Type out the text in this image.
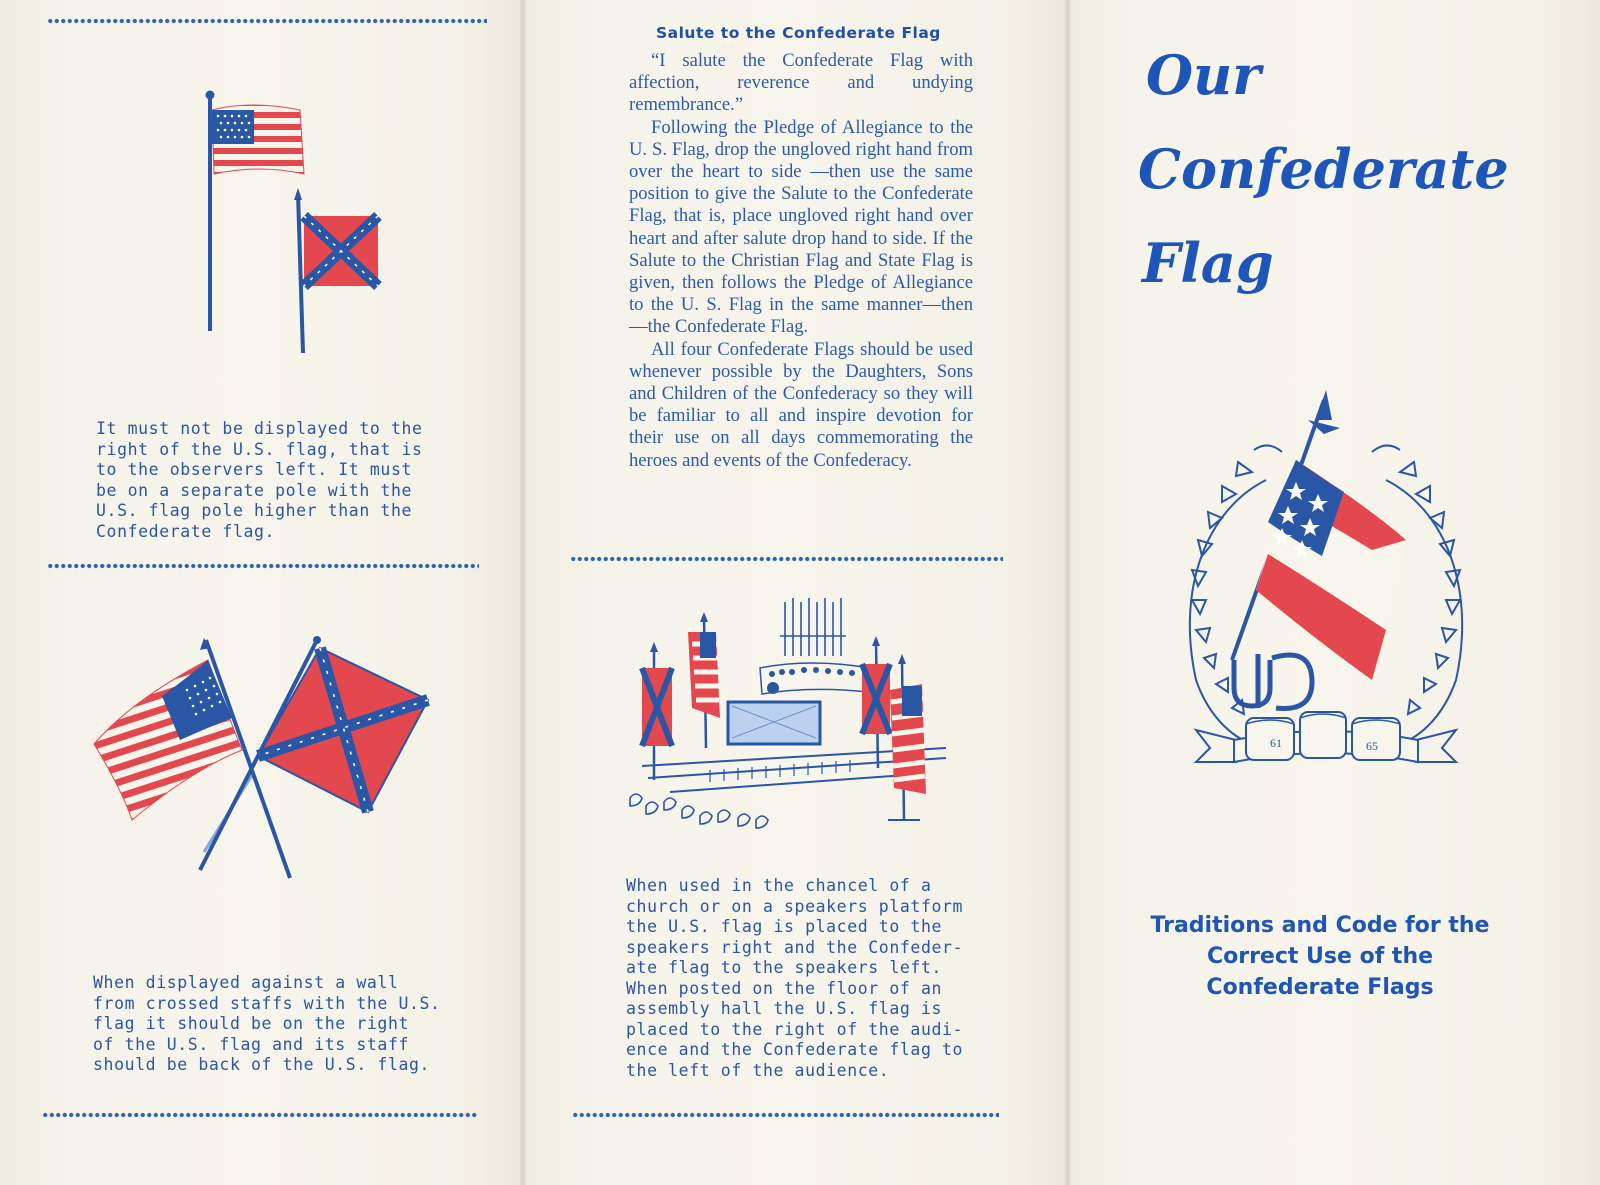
It must not be displayed to the
right of the U.S. flag, that is
to the observers left. It must
be on a separate pole with the
U.S. flag pole higher than the
Confederate flag.
When displayed against a wall
from crossed staffs with the U.S.
flag it should be on the right
of the U.S. flag and its staff
should be back of the U.S. flag.
Salute to the Confederate Flag

“I salute the Confederate Flag with affection, reverence and undying remembrance.”

Following the Pledge of Allegiance to the U. S. Flag, drop the ungloved right hand from over the heart to side —then use the same position to give the Salute to the Confederate Flag, that is, place ungloved right hand over heart and after salute drop hand to side. If the Salute to the Christian Flag and State Flag is given, then follows the Pledge of Allegiance to the U. S. Flag in the same manner—then —the Confederate Flag.

All four Confederate Flags should be used whenever possible by the Daughters, Sons and Children of the Confederacy so they will be familiar to all and inspire devotion for their use on all days commemorating the heroes and events of the Confederacy.

When used in the chancel of a
church or on a speakers platform
the U.S. flag is placed to the
speakers right and the Confeder-
ate flag to the speakers left.
When posted on the floor of an
assembly hall the U.S. flag is
placed to the right of the audi-
ence and the Confederate flag to
the left of the audience.
Our
Confederate
Flag
61	65
Traditions and Code for the
Correct Use of the
Confederate Flags
